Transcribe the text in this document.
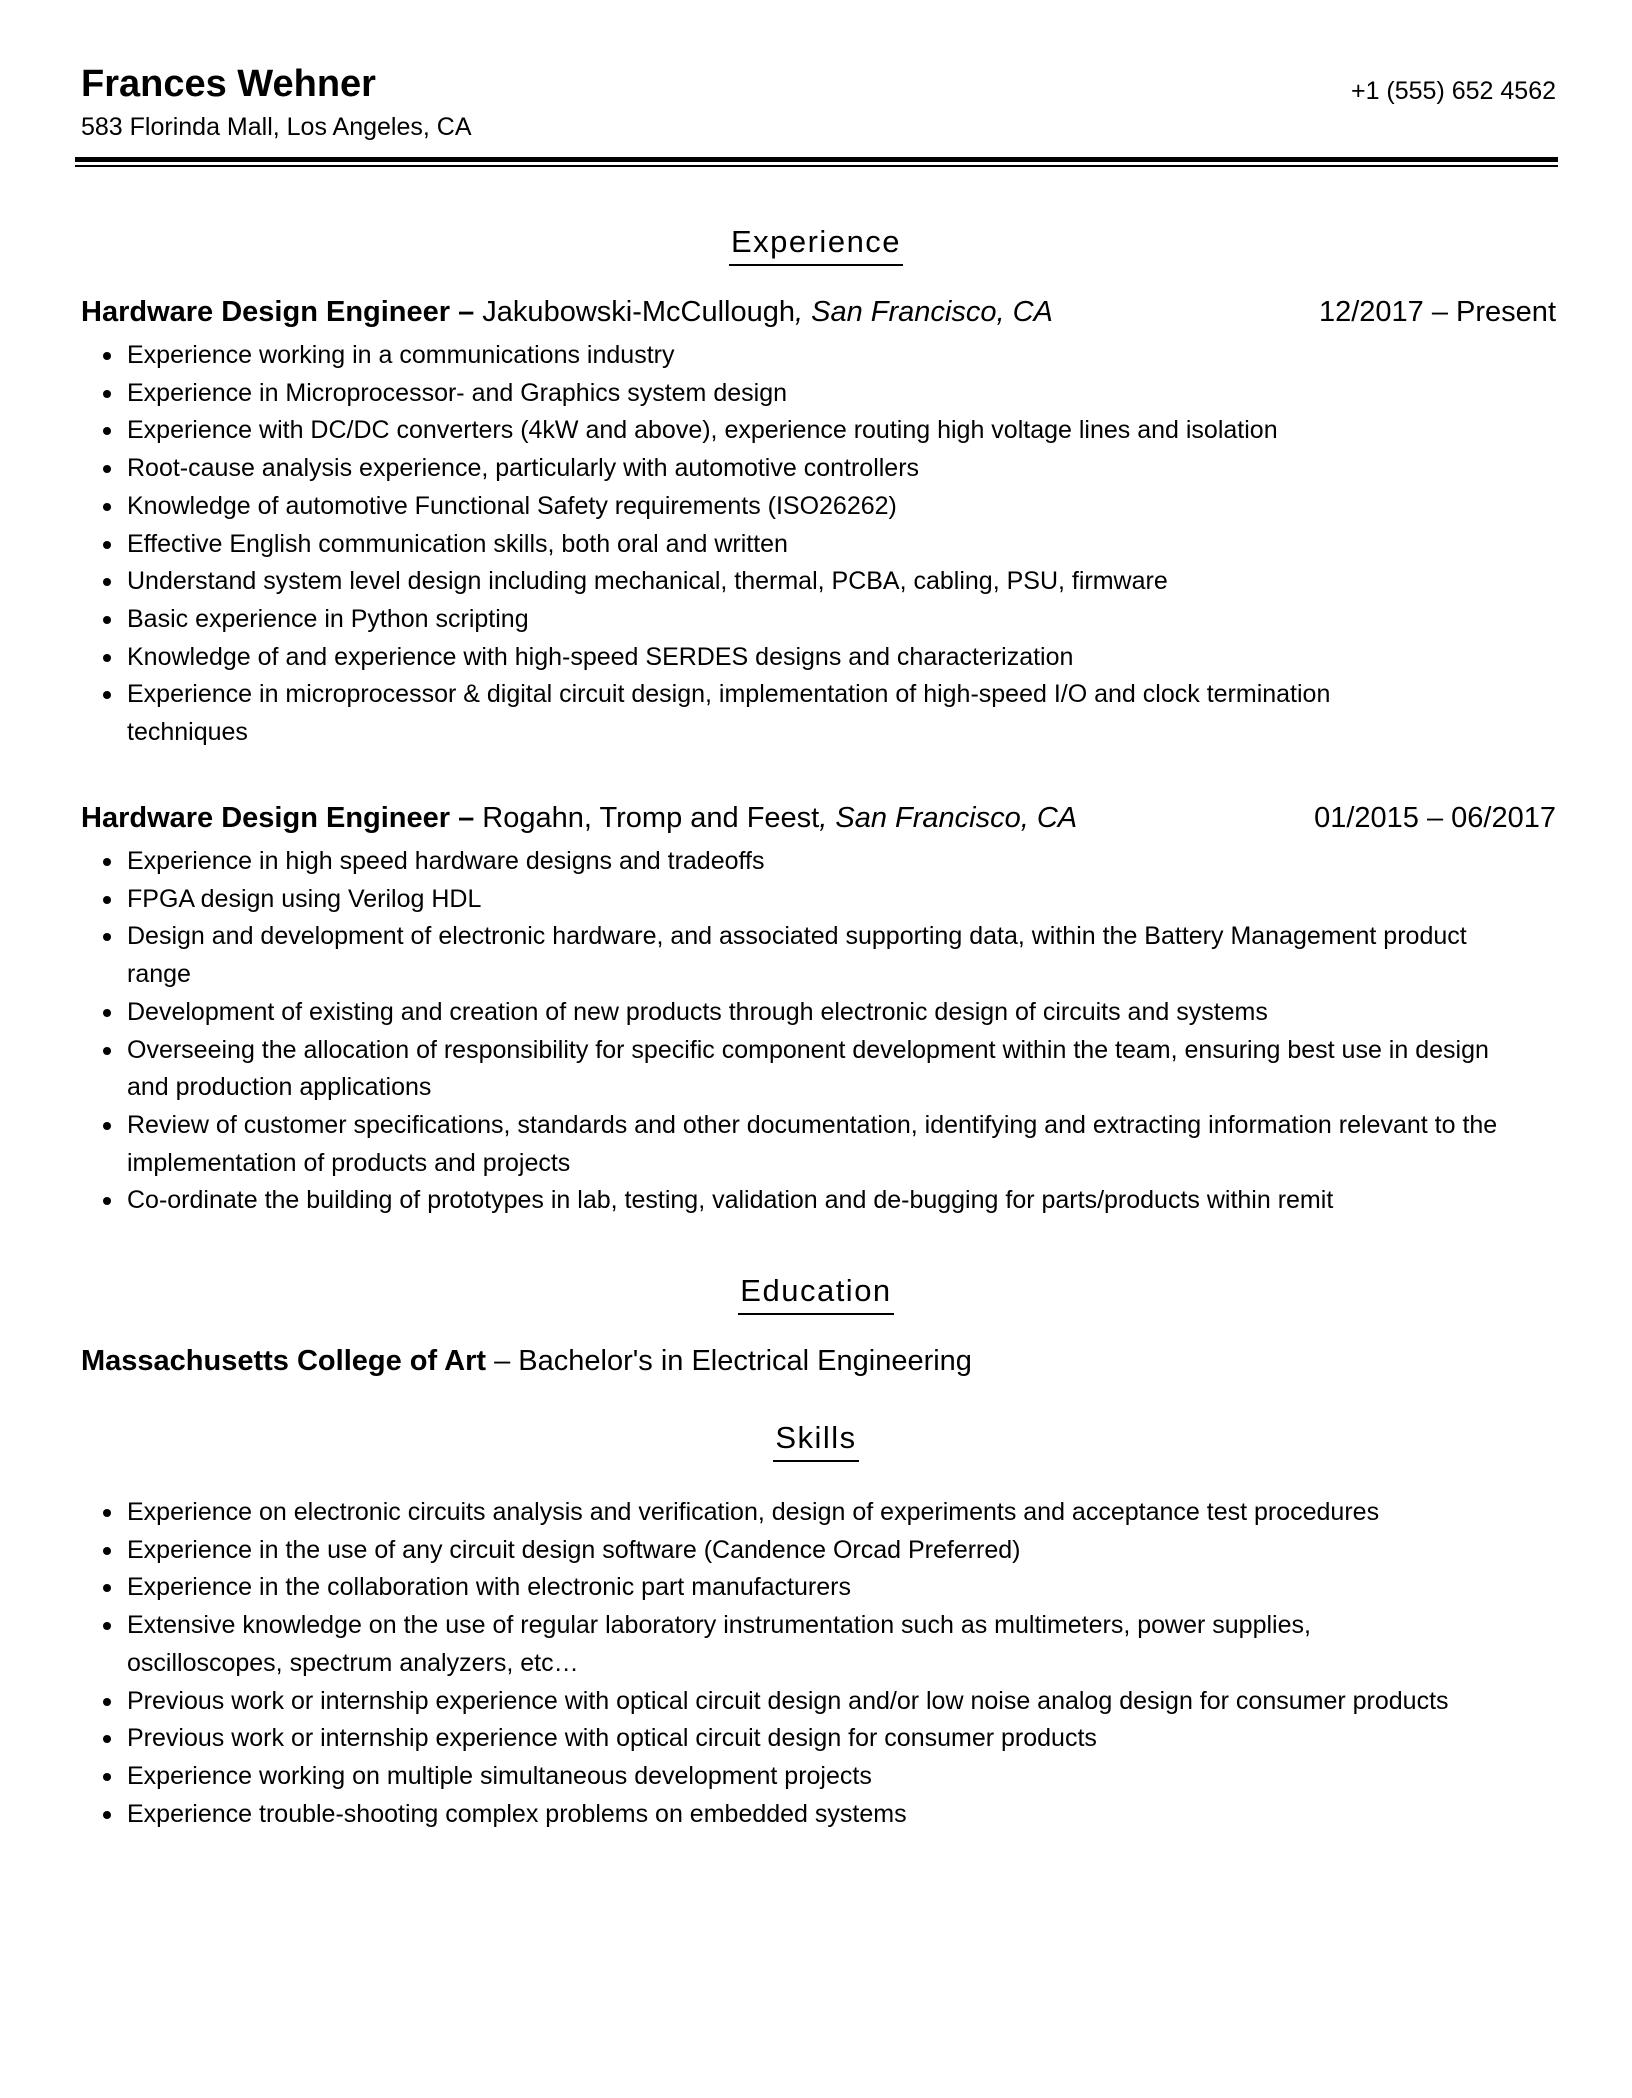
Frances Wehner
583 Florinda Mall, Los Angeles, CA
+1 (555) 652 4562
Experience
Hardware Design Engineer – Jakubowski-McCullough, San Francisco, CA	12/2017 – Present
Experience working in a communications industry
Experience in Microprocessor- and Graphics system design
Experience with DC/DC converters (4kW and above), experience routing high voltage lines and isolation
Root-cause analysis experience, particularly with automotive controllers
Knowledge of automotive Functional Safety requirements (ISO26262)
Effective English communication skills, both oral and written
Understand system level design including mechanical, thermal, PCBA, cabling, PSU, firmware
Basic experience in Python scripting
Knowledge of and experience with high-speed SERDES designs and characterization
Experience in microprocessor & digital circuit design, implementation of high-speed I/O and clock termination techniques
Hardware Design Engineer – Rogahn, Tromp and Feest, San Francisco, CA	01/2015 – 06/2017
Experience in high speed hardware designs and tradeoffs
FPGA design using Verilog HDL
Design and development of electronic hardware, and associated supporting data, within the Battery Management product range
Development of existing and creation of new products through electronic design of circuits and systems
Overseeing the allocation of responsibility for specific component development within the team, ensuring best use in design and production applications
Review of customer specifications, standards and other documentation, identifying and extracting information relevant to the implementation of products and projects
Co-ordinate the building of prototypes in lab, testing, validation and de-bugging for parts/products within remit
Education
Massachusetts College of Art – Bachelor's in Electrical Engineering
Skills
Experience on electronic circuits analysis and verification, design of experiments and acceptance test procedures
Experience in the use of any circuit design software (Candence Orcad Preferred)
Experience in the collaboration with electronic part manufacturers
Extensive knowledge on the use of regular laboratory instrumentation such as multimeters, power supplies, oscilloscopes, spectrum analyzers, etc…
Previous work or internship experience with optical circuit design and/or low noise analog design for consumer products
Previous work or internship experience with optical circuit design for consumer products
Experience working on multiple simultaneous development projects
Experience trouble-shooting complex problems on embedded systems
